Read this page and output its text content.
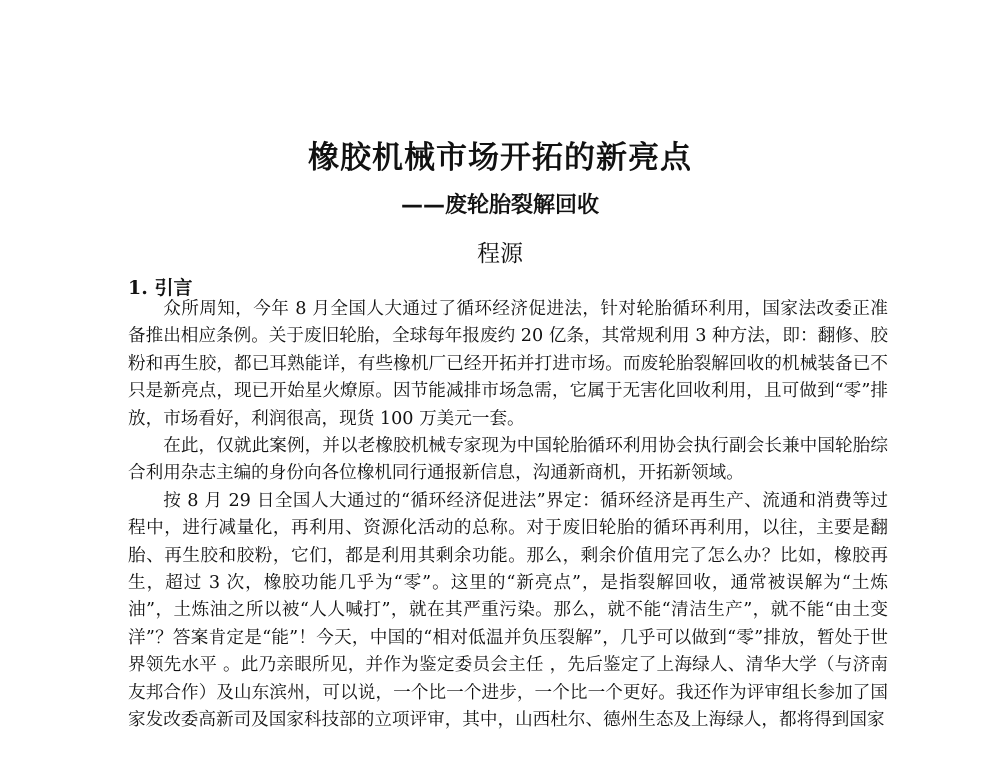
橡胶机械市场开拓的新亮点
——废轮胎裂解回收
程源
1. 引言

众所周知，今年 8 月全国人大通过了循环经济促进法，针对轮胎循环利用，国家法改委正准备推出相应条例。关于废旧轮胎，全球每年报废约 20 亿条，其常规利用 3 种方法，即：翻修、胶粉和再生胶，都已耳熟能详，有些橡机厂已经开拓并打进市场。而废轮胎裂解回收的机械装备已不只是新亮点，现已开始星火燎原。因节能减排市场急需，它属于无害化回收利用，且可做到“零”排放，市场看好，利润很高，现货 100 万美元一套。

在此，仅就此案例，并以老橡胶机械专家现为中国轮胎循环利用协会执行副会长兼中国轮胎综合利用杂志主编的身份向各位橡机同行通报新信息，沟通新商机，开拓新领域。

按 8 月 29 日全国人大通过的“循环经济促进法”界定：循环经济是再生产、流通和消费等过程中，进行减量化，再利用、资源化活动的总称。对于废旧轮胎的循环再利用，以往，主要是翻胎、再生胶和胶粉，它们，都是利用其剩余功能。那么，剩余价值用完了怎么办？比如，橡胶再生，超过 3 次，橡胶功能几乎为“零”。这里的“新亮点”，是指裂解回收，通常被误解为“土炼油”，土炼油之所以被“人人喊打”，就在其严重污染。那么，就不能“清洁生产”，就不能“由土变洋”？答案肯定是“能”！今天，中国的“相对低温并负压裂解”，几乎可以做到“零”排放，暂处于世界领先水平 。此乃亲眼所见，并作为鉴定委员会主任 ，先后鉴定了上海绿人、清华大学（与济南友邦合作）及山东滨州，可以说，一个比一个进步，一个比一个更好。我还作为评审组长参加了国家发改委高新司及国家科技部的立项评审，其中，山西杜尔、德州生态及上海绿人，都将得到国家
